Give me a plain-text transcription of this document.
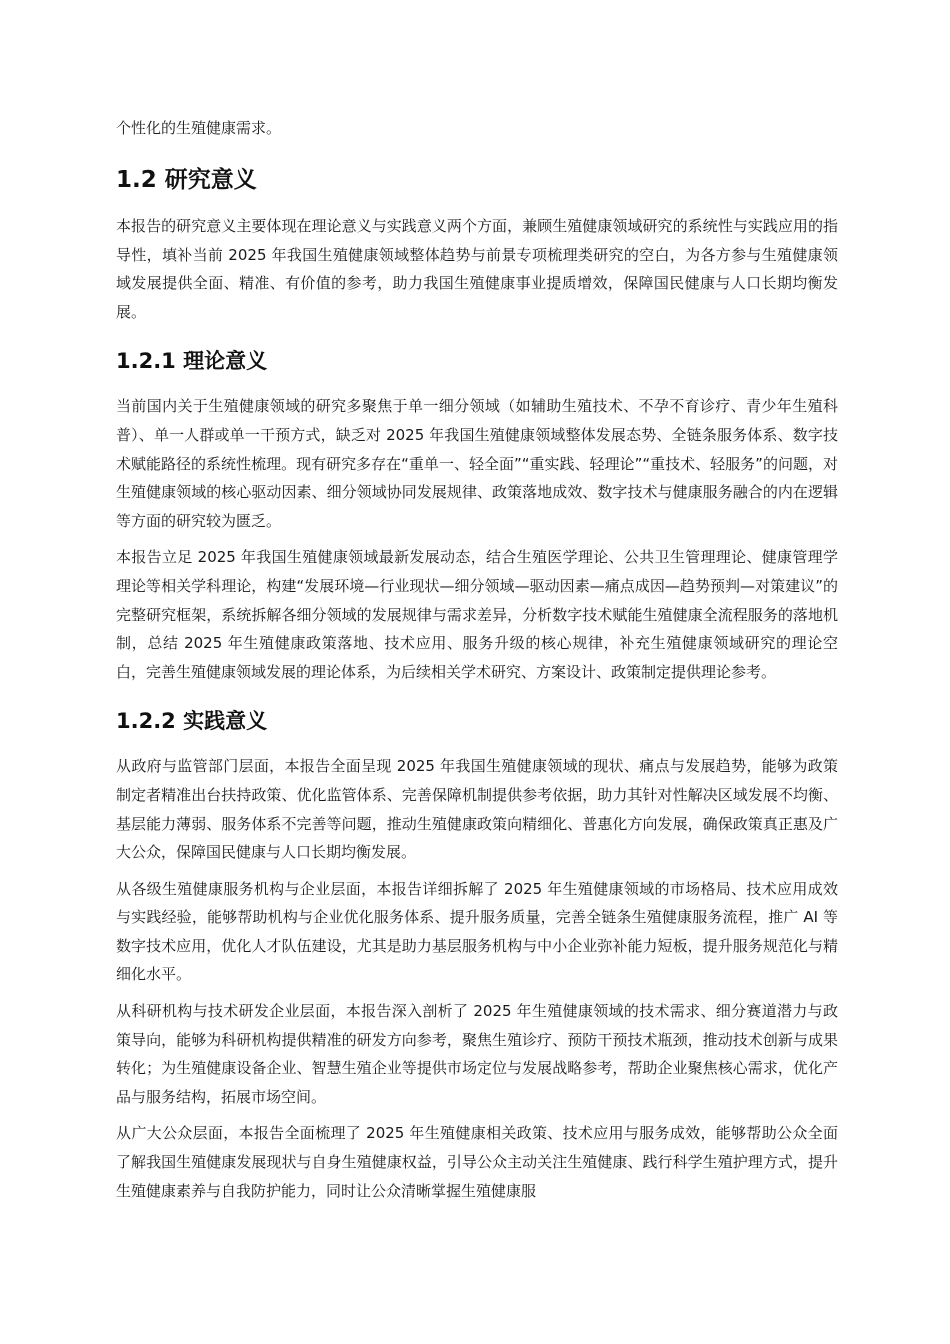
个性化的生殖健康需求。

1.2 研究意义

本报告的研究意义主要体现在理论意义与实践意义两个方面，兼顾生殖健康领域研究的系统性与实践应用的指导性，填补当前 2025 年我国生殖健康领域整体趋势与前景专项梳理类研究的空白，为各方参与生殖健康领域发展提供全面、精准、有价值的参考，助力我国生殖健康事业提质增效，保障国民健康与人口长期均衡发展。

1.2.1 理论意义

当前国内关于生殖健康领域的研究多聚焦于单一细分领域（如辅助生殖技术、不孕不育诊疗、青少年生殖科普）、单一人群或单一干预方式，缺乏对 2025 年我国生殖健康领域整体发展态势、全链条服务体系、数字技术赋能路径的系统性梳理。现有研究多存在“重单一、轻全面”“重实践、轻理论”“重技术、轻服务”的问题，对生殖健康领域的核心驱动因素、细分领域协同发展规律、政策落地成效、数字技术与健康服务融合的内在逻辑等方面的研究较为匮乏。

本报告立足 2025 年我国生殖健康领域最新发展动态，结合生殖医学理论、公共卫生管理理论、健康管理学理论等相关学科理论，构建“发展环境—行业现状—细分领域—驱动因素—痛点成因—趋势预判—对策建议”的完整研究框架，系统拆解各细分领域的发展规律与需求差异，分析数字技术赋能生殖健康全流程服务的落地机制，总结 2025 年生殖健康政策落地、技术应用、服务升级的核心规律，补充生殖健康领域研究的理论空白，完善生殖健康领域发展的理论体系，为后续相关学术研究、方案设计、政策制定提供理论参考。

1.2.2 实践意义

从政府与监管部门层面，本报告全面呈现 2025 年我国生殖健康领域的现状、痛点与发展趋势，能够为政策制定者精准出台扶持政策、优化监管体系、完善保障机制提供参考依据，助力其针对性解决区域发展不均衡、基层能力薄弱、服务体系不完善等问题，推动生殖健康政策向精细化、普惠化方向发展，确保政策真正惠及广大公众，保障国民健康与人口长期均衡发展。

从各级生殖健康服务机构与企业层面，本报告详细拆解了 2025 年生殖健康领域的市场格局、技术应用成效与实践经验，能够帮助机构与企业优化服务体系、提升服务质量，完善全链条生殖健康服务流程，推广 AI 等数字技术应用，优化人才队伍建设，尤其是助力基层服务机构与中小企业弥补能力短板，提升服务规范化与精细化水平。

从科研机构与技术研发企业层面，本报告深入剖析了 2025 年生殖健康领域的技术需求、细分赛道潜力与政策导向，能够为科研机构提供精准的研发方向参考，聚焦生殖诊疗、预防干预技术瓶颈，推动技术创新与成果转化；为生殖健康设备企业、智慧生殖企业等提供市场定位与发展战略参考，帮助企业聚焦核心需求，优化产品与服务结构，拓展市场空间。

从广大公众层面，本报告全面梳理了 2025 年生殖健康相关政策、技术应用与服务成效，能够帮助公众全面了解我国生殖健康发展现状与自身生殖健康权益，引导公众主动关注生殖健康、践行科学生殖护理方式，提升生殖健康素养与自我防护能力，同时让公众清晰掌握生殖健康服
